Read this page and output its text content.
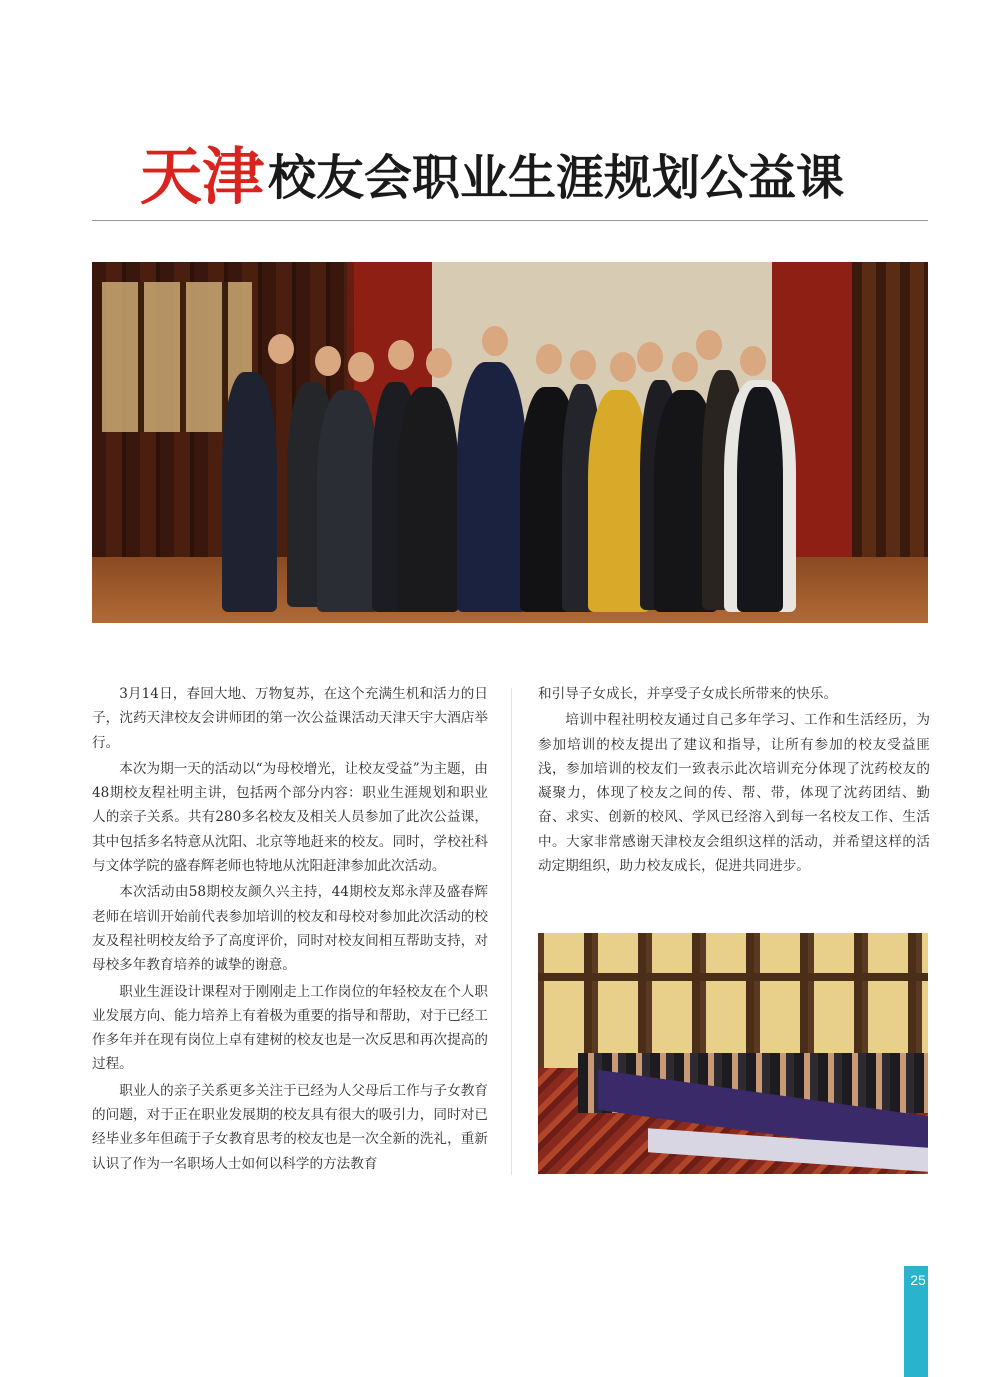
天津 校友会职业生涯规划公益课

3月14日，春回大地、万物复苏，在这个充满生机和活力的日子，沈药天津校友会讲师团的第一次公益课活动天津天宇大酒店举行。

本次为期一天的活动以“为母校增光，让校友受益”为主题，由48期校友程社明主讲，包括两个部分内容：职业生涯规划和职业人的亲子关系。共有280多名校友及相关人员参加了此次公益课，其中包括多名特意从沈阳、北京等地赶来的校友。同时，学校社科与文体学院的盛春辉老师也特地从沈阳赶津参加此次活动。

本次活动由58期校友颜久兴主持，44期校友郑永萍及盛春辉老师在培训开始前代表参加培训的校友和母校对参加此次活动的校友及程社明校友给予了高度评价，同时对校友间相互帮助支持，对母校多年教育培养的诚挚的谢意。

职业生涯设计课程对于刚刚走上工作岗位的年轻校友在个人职业发展方向、能力培养上有着极为重要的指导和帮助，对于已经工作多年并在现有岗位上卓有建树的校友也是一次反思和再次提高的过程。

职业人的亲子关系更多关注于已经为人父母后工作与子女教育的问题，对于正在职业发展期的校友具有很大的吸引力，同时对已经毕业多年但疏于子女教育思考的校友也是一次全新的洗礼，重新认识了作为一名职场人士如何以科学的方法教育

和引导子女成长，并享受子女成长所带来的快乐。

培训中程社明校友通过自己多年学习、工作和生活经历，为参加培训的校友提出了建议和指导，让所有参加的校友受益匪浅，参加培训的校友们一致表示此次培训充分体现了沈药校友的凝聚力，体现了校友之间的传、帮、带，体现了沈药团结、勤奋、求实、创新的校风、学风已经溶入到每一名校友工作、生活中。大家非常感谢天津校友会组织这样的活动，并希望这样的活动定期组织，助力校友成长，促进共同进步。

25
